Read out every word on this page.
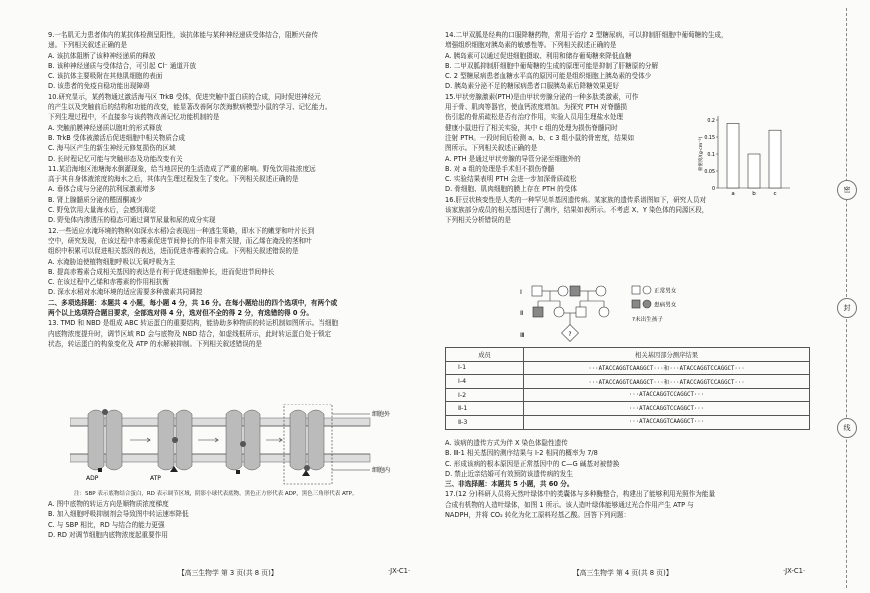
9.一名肌无力患者体内的某抗体检测呈阳性，该抗体能与某种神经递质受体结合，阻断兴奋传
递。下列相关叙述正确的是
A. 该抗体阻断了该种神经递质的释放
B. 该种神经递质与受体结合，可引起 Cl⁻ 通道开放
C. 该抗体主要吸附在其他肌细胞的表面
D. 该患者的免疫自稳功能出现障碍
10.研究显示，某药物通过激活海马区 TrkB 受体，促进突触中蛋白质的合成，同时促进神经元
的产生以及突触前后的结构和功能的改变，能显著改善阿尔茨海默病模型小鼠的学习、记忆能力。
下列生理过程中，不直接参与该药物改善记忆功能机制的是
A. 突触前膜神经递质以胞吐的形式释放
B. TrkB 受体被激活后促进细胞中相关物质合成
C. 海马区产生的新生神经元修复损伤的区域
D. 长时程记忆可能与突触形态及功能改变有关
11.某沿海地区池塘海水倒灌现象，给当地居民的生活造成了严重的影响。野兔饮用盐浓度远
高于其自身体液浓度的海水之后，其体内生理过程发生了变化。下列相关叙述正确的是
A. 垂体合成与分泌的抗利尿激素增多
B. 肾上腺髓质分泌的醛固酮减少
C. 野兔饮用大量海水后，会感到渴觉
D. 野兔体内渗透压的稳态可通过调节尿量和尿的成分实现
12.一些适应水淹环境的物种(如深水水稻)会表现出一种逃生策略，即水下的嫩芽和叶片长到
空中，研究发现，在该过程中赤霉素促进节间伸长的作用非常关键，而乙烯在淹没的茎和叶
组织中积累可以促进相关基因的表达，进而促进赤霉素的合成。下列相关叙述错误的是
A. 水淹胁迫使植物细胞呼吸以无氧呼吸为主
B. 提高赤霉素合成相关基因的表达是有利于促进细胞伸长，进而促进节间伸长
C. 在该过程中乙烯和赤霉素的作用相抗衡
D. 深水水稻对水淹环境的适应需要多种激素共同调控
二、多项选择题：本题共 4 小题，每小题 4 分，共 16 分。在每小题给出的四个选项中，有两个或
两个以上选项符合题目要求，全部选对得 4 分，选对但不全的得 2 分，有选错的得 0 分。
13. TMD 和 NBD 是组成 ABC 转运蛋白的重要结构，能协助多种物质的转运机制如图所示。当细胞
内底物浓度提升时，调节区域 RD 会与底物及 NBD 结合，如虚线框所示，此时转运蛋白处于锁定
状态，转运蛋白的构象变化及 ATP 的水解被抑制。下列相关叙述错误的是
细胞外
细胞内
ADP	ATP
注：SBP 表示底物结合蛋白，RD 表示调节区域，阴影小球代表底物，黑色正方形代表 ADP，黑色三角形代表 ATP。
A. 图中底物的转运方向是顺物质浓度梯度
B. 加入细胞呼吸抑制剂会导致图中转运速率降低
C. 与 SBP 相比，RD 与结合的能力更强
D. RD 对调节细胞内底物浓度起重要作用
14.二甲双胍是经典的口服降糖药物，常用于治疗 2 型糖尿病，可以抑制肝细胞中葡萄糖的生成，
增强组织细胞对胰岛素的敏感性等。下列相关叙述正确的是
A. 胰岛素可以通过促进细胞摄取、利用和储存葡萄糖来降低血糖
B. 二甲双胍抑制肝细胞中葡萄糖的生成的原理可能是抑制了肝糖原的分解
C. 2 型糖尿病患者血糖水平高的原因可能是组织细胞上胰岛素的受体少
D. 胰岛素分泌不足的糖尿病患者口服胰岛素后降糖效果更好
15.甲状旁腺激素(PTH)是由甲状旁腺分泌的一种多肽类激素，可作
用于骨、肌肉等器官，使血钙浓度增加。为探究 PTH 对脊髓损
伤引起的骨质疏松是否有治疗作用，实验人员用生理盐水处理
健康小鼠进行了相关实验，其中 c 组的处理为损伤脊髓同时
注射 PTH。一段时间后检测 a、b、c 3 组小鼠的骨密度，结果如
图所示。下列相关叙述正确的是
A. PTH 是通过甲状旁腺的导管分泌至细胞外的
B. 对 a 组的处理是手术但不损伤脊髓
C. 实验结果表明 PTH 会进一步加深骨质疏松
D. 骨细胞、肌肉细胞的膜上存在 PTH 的受体
16.肝豆状核变性是人类的一种罕见单基因遗传病。某家族的遗传系谱图如下，研究人员对
该家族部分成员的相关基因进行了测序，结果如表所示。不考虑 X、Y 染色体的同源区段，
下列相关分析错误的是
0
0.05
0.1
0.15
0.2
a	b	c
骨密度/(g·cm⁻³)
?
Ⅰ
Ⅱ
Ⅲ
正常男女
患病男女
?未出生孩子
成员	相关基因部分测序结果
Ⅰ-1	···ATACCAGGTCAAGGCT···和···ATACCAGGTCCAGGCT···
Ⅰ-4	···ATACCAGGTCAAGGCT···和···ATACCAGGTCCAGGCT···
Ⅰ-2	···ATACCAGGTCCAGGCT···
Ⅱ-1	···ATACCAGGTCCAGGCT···
Ⅱ-3	···ATACCAGGTCAAGGCT···
A. 该病的遗传方式为伴 X 染色体隐性遗传
B. Ⅲ-1 相关基因的测序结果与 Ⅰ-2 相同的概率为 7/8
C. 形成该病的根本原因是正常基因中的 C—G 碱基对被替换
D. 禁止近亲结婚可有效预防该遗传病的发生
三、非选择题：本题共 5 小题，共 60 分。
17.(12 分)科研人员将天然叶绿体中的类囊体与多种酶整合，构建出了能够利用光照作为能量
合成有机物的人造叶绿体，如图 1 所示。该人造叶绿体能够通过光合作用产生 ATP 与
NADPH，并将 CO₂ 转化为化工原料羟基乙酸。回答下列问题：
【高三生物学 第 3 页(共 8 页)】	·JX-C1·	【高三生物学 第 4 页(共 8 页)】	·JX-C1·
线
封
密
